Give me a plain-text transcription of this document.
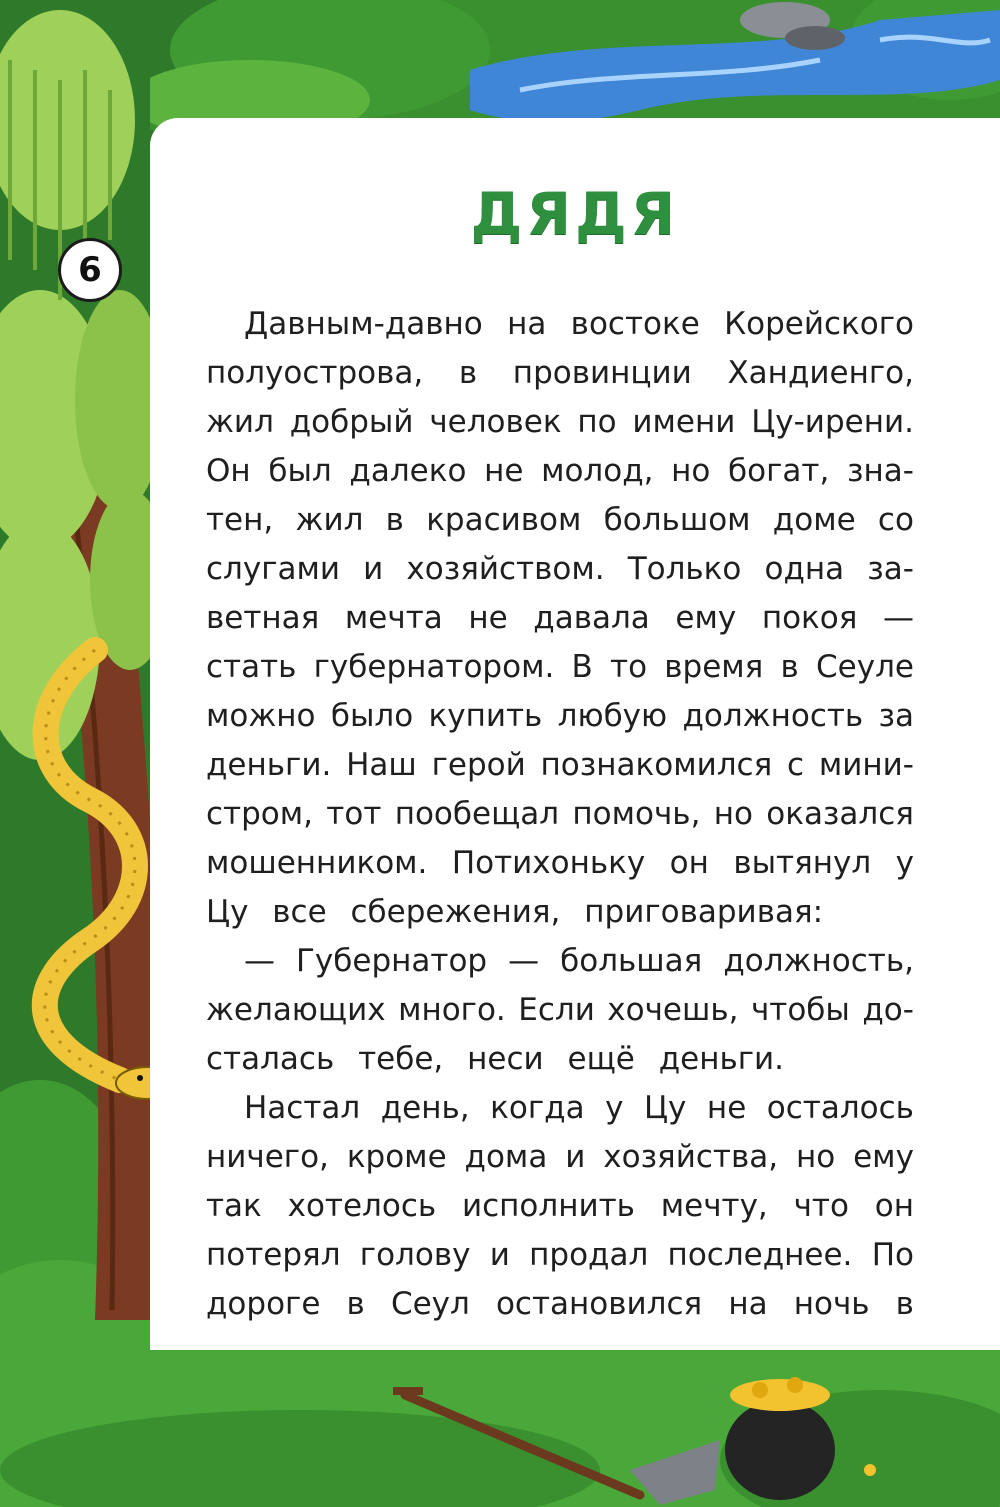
6
ДЯДЯ
Давным-давно на востоке Корейского
полуострова, в провинции Хандиенго,
жил добрый человек по имени Цу-ирени.
Он был далеко не молод, но богат, зна-
тен, жил в красивом большом доме со
слугами и хозяйством. Только одна за-
ветная мечта не давала ему покоя —
стать губернатором. В то время в Сеуле
можно было купить любую должность за
деньги. Наш герой познакомился с мини-
стром, тот пообещал помочь, но оказался
мошенником. Потихоньку он вытянул у
Цу все сбережения, приговаривая:
— Губернатор — большая должность,
желающих много. Если хочешь, чтобы до-
сталась тебе, неси ещё деньги.
Настал день, когда у Цу не осталось
ничего, кроме дома и хозяйства, но ему
так хотелось исполнить мечту, что он
потерял голову и продал последнее. По
дороге в Сеул остановился на ночь в
